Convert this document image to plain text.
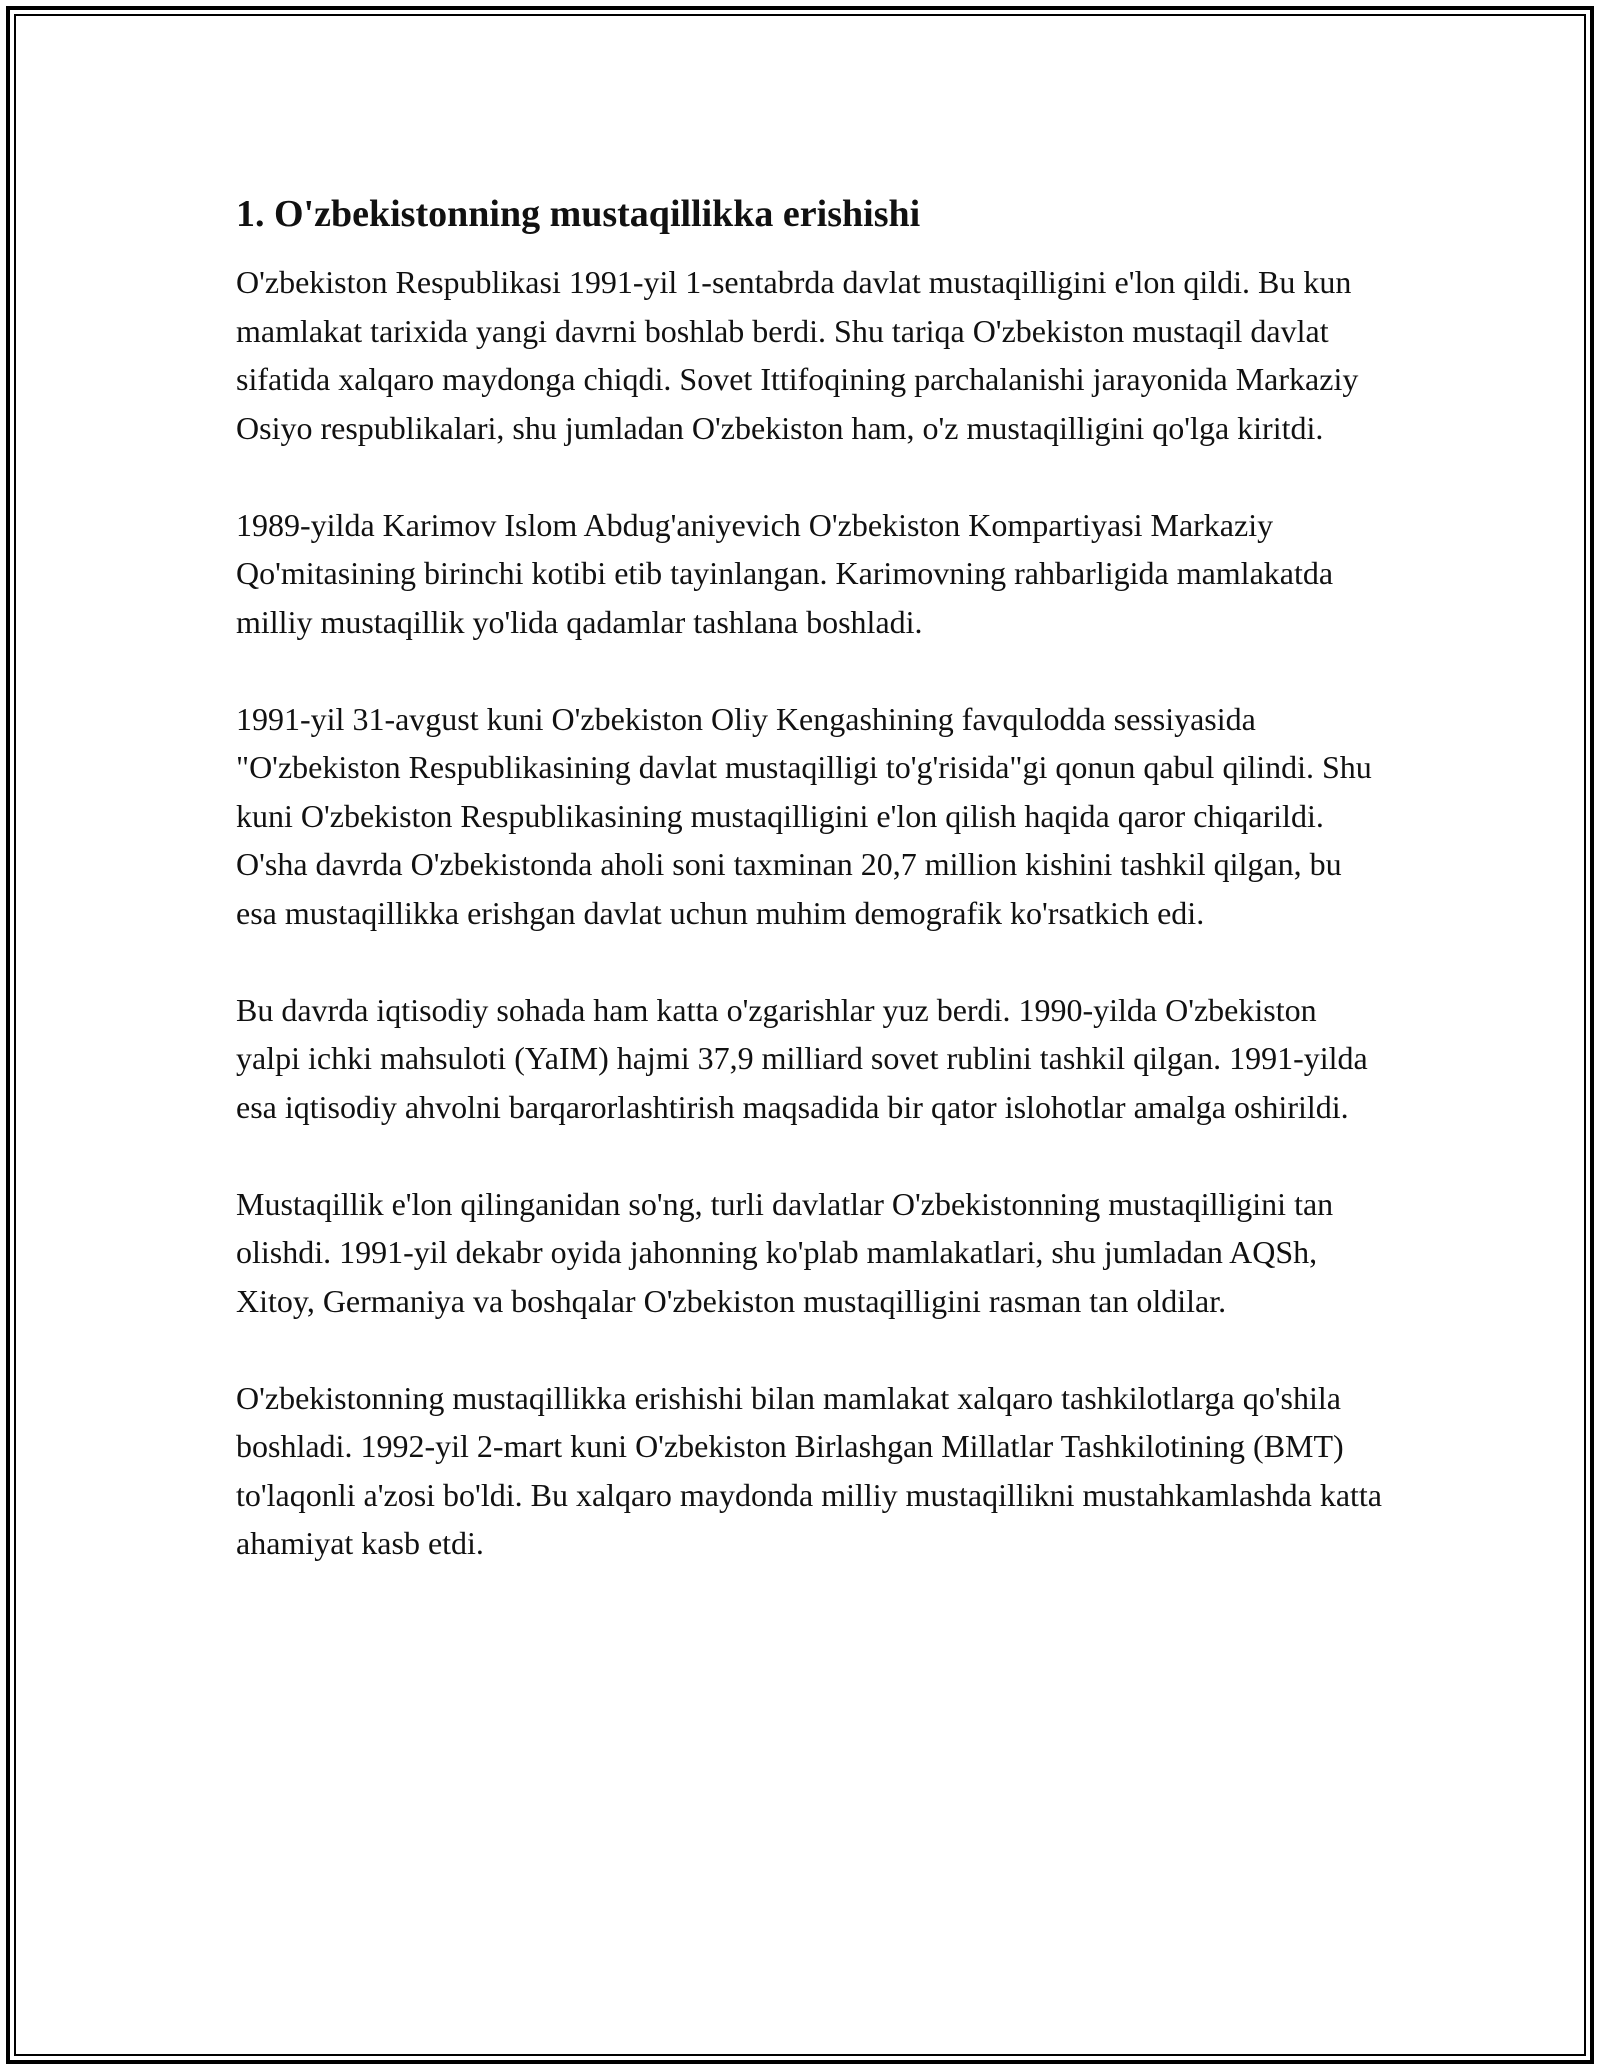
1. O'zbekistonning mustaqillikka erishishi

O'zbekiston Respublikasi 1991-yil 1-sentabrda davlat mustaqilligini e'lon qildi. Bu kun mamlakat tarixida yangi davrni boshlab berdi. Shu tariqa O'zbekiston mustaqil davlat sifatida xalqaro maydonga chiqdi. Sovet Ittifoqining parchalanishi jarayonida Markaziy Osiyo respublikalari, shu jumladan O'zbekiston ham, o'z mustaqilligini qo'lga kiritdi.

1989-yilda Karimov Islom Abdug'aniyevich O'zbekiston Kompartiyasi Markaziy Qo'mitasining birinchi kotibi etib tayinlangan. Karimovning rahbarligida mamlakatda milliy mustaqillik yo'lida qadamlar tashlana boshladi.

1991-yil 31-avgust kuni O'zbekiston Oliy Kengashining favqulodda sessiyasida "O'zbekiston Respublikasining davlat mustaqilligi to'g'risida"gi qonun qabul qilindi. Shu kuni O'zbekiston Respublikasining mustaqilligini e'lon qilish haqida qaror chiqarildi. O'sha davrda O'zbekistonda aholi soni taxminan 20,7 million kishini tashkil qilgan, bu esa mustaqillikka erishgan davlat uchun muhim demografik ko'rsatkich edi.

Bu davrda iqtisodiy sohada ham katta o'zgarishlar yuz berdi. 1990-yilda O'zbekiston yalpi ichki mahsuloti (YaIM) hajmi 37,9 milliard sovet rublini tashkil qilgan. 1991-yilda esa iqtisodiy ahvolni barqarorlashtirish maqsadida bir qator islohotlar amalga oshirildi.

Mustaqillik e'lon qilinganidan so'ng, turli davlatlar O'zbekistonning mustaqilligini tan olishdi. 1991-yil dekabr oyida jahonning ko'plab mamlakatlari, shu jumladan AQSh, Xitoy, Germaniya va boshqalar O'zbekiston mustaqilligini rasman tan oldilar.

O'zbekistonning mustaqillikka erishishi bilan mamlakat xalqaro tashkilotlarga qo'shila boshladi. 1992-yil 2-mart kuni O'zbekiston Birlashgan Millatlar Tashkilotining (BMT) to'laqonli a'zosi bo'ldi. Bu xalqaro maydonda milliy mustaqillikni mustahkamlashda katta ahamiyat kasb etdi.
